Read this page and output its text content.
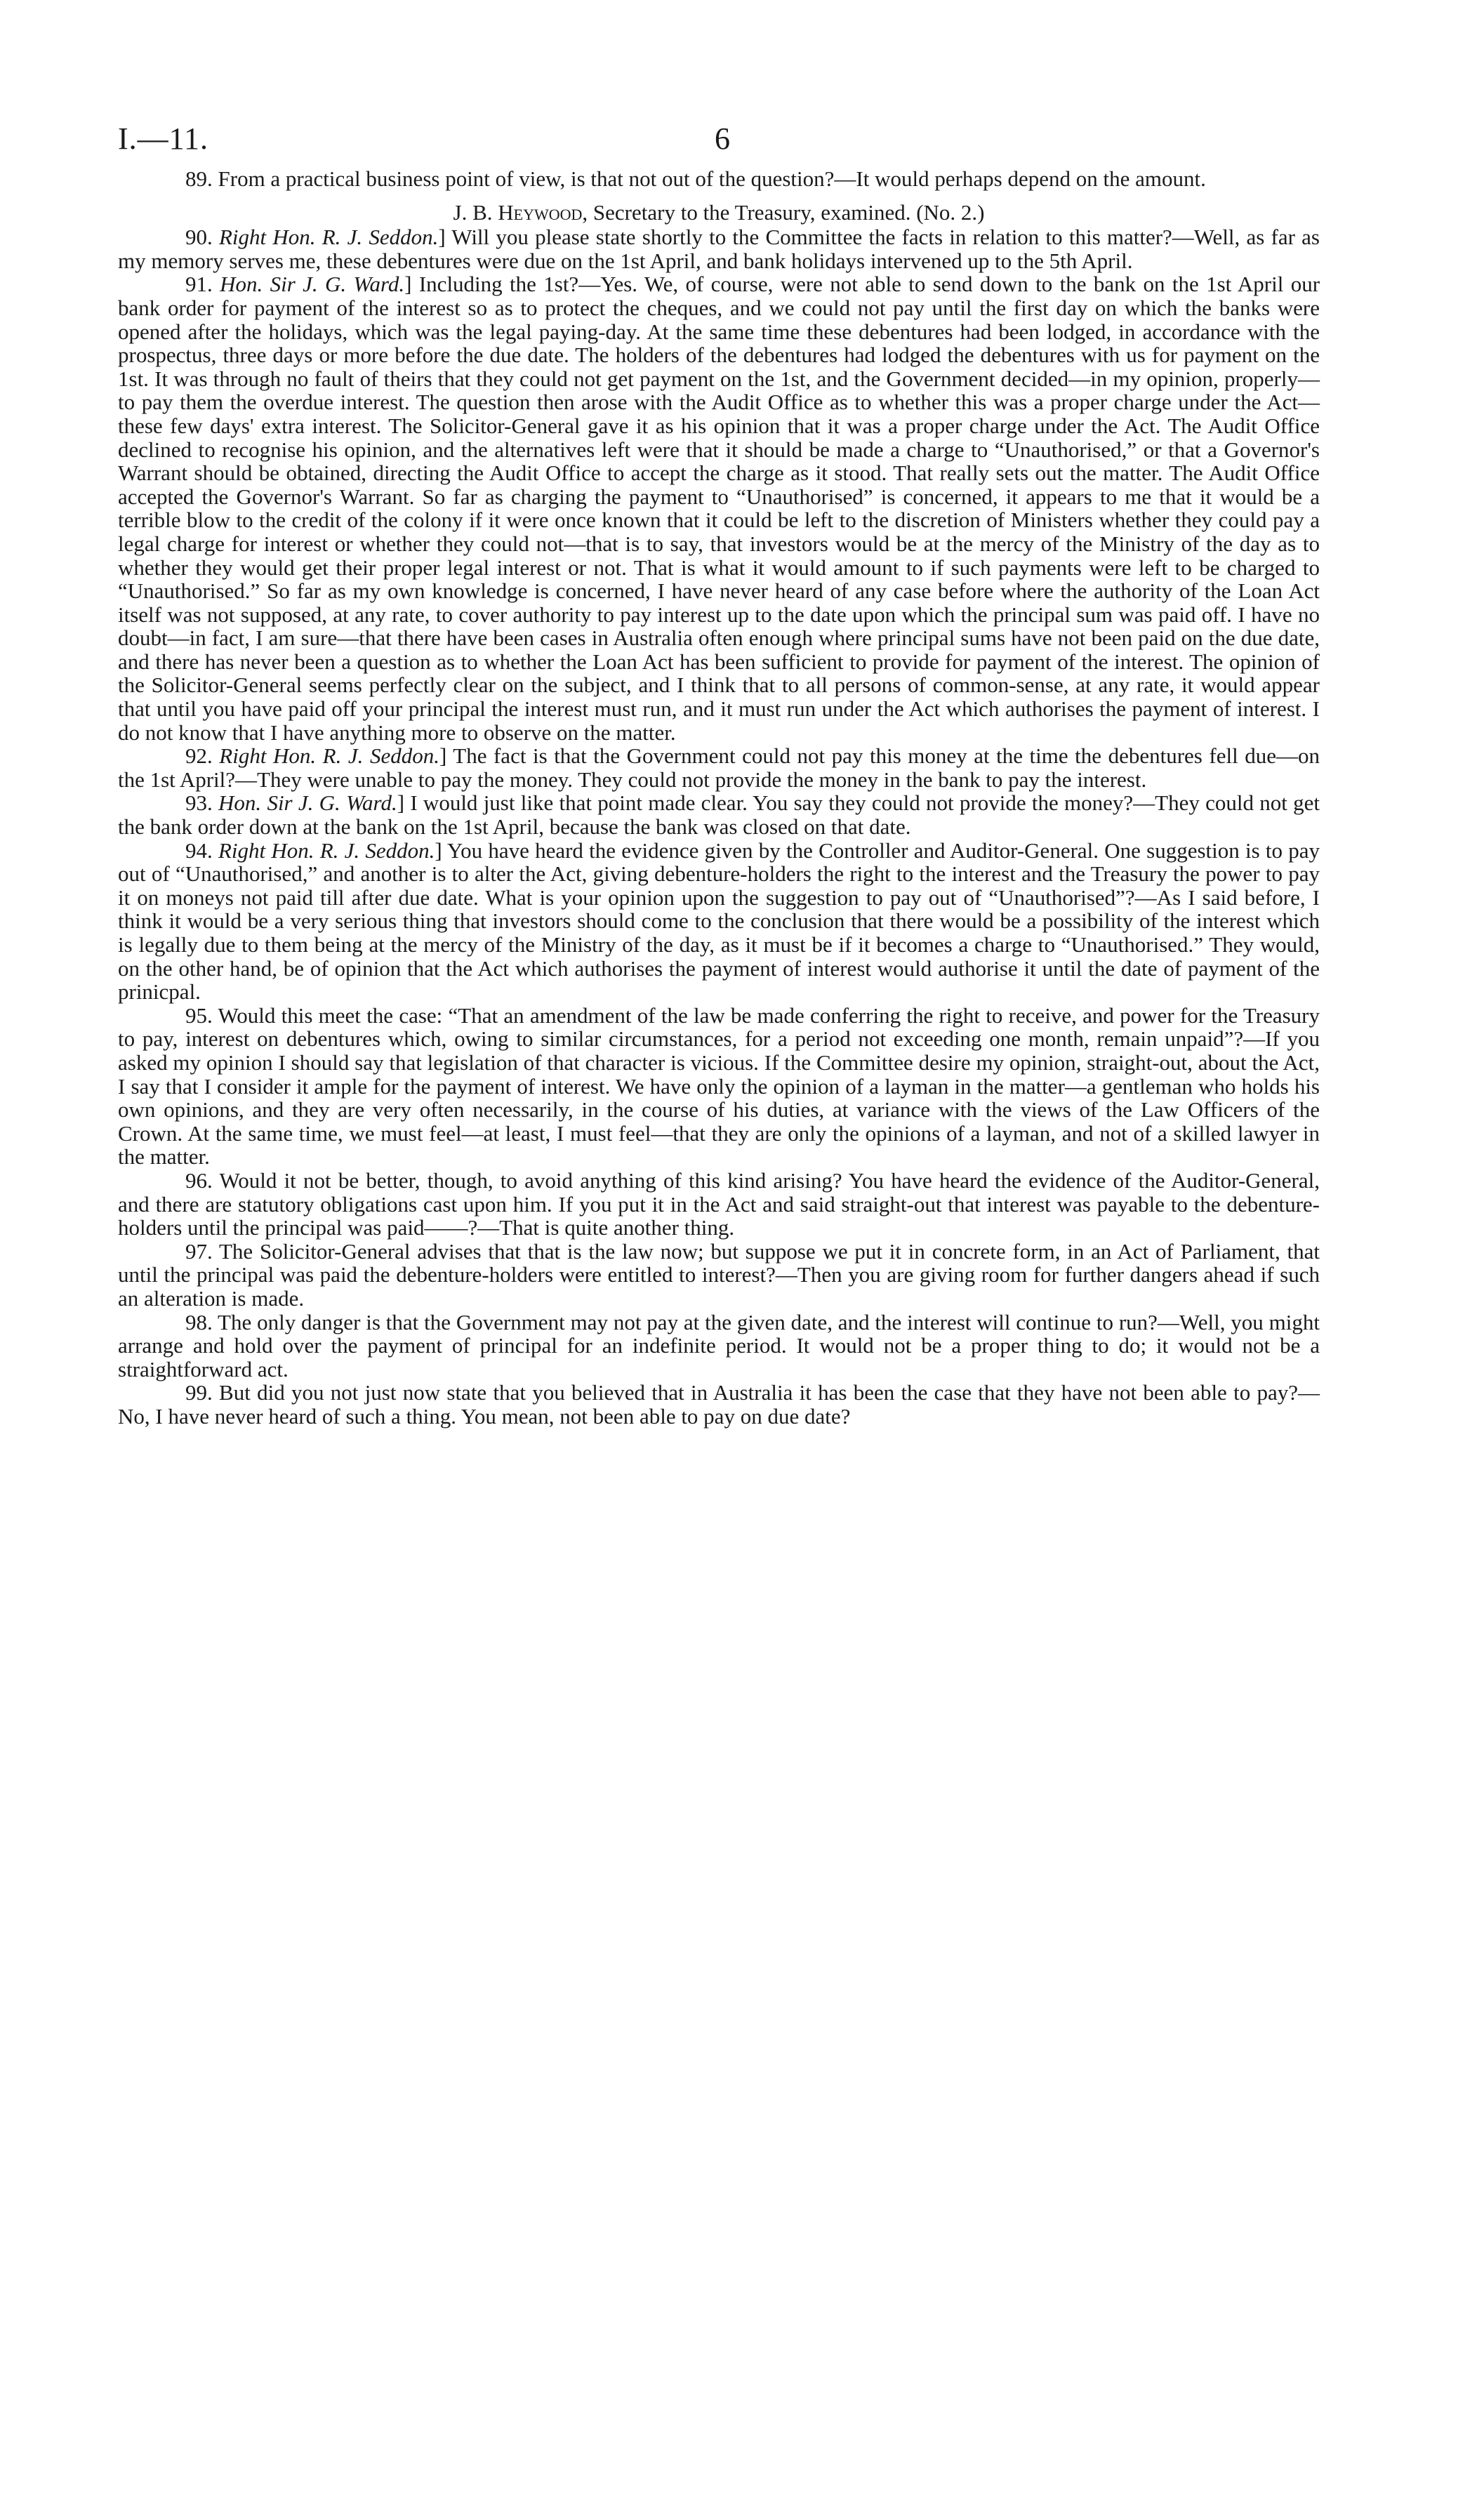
I.—11.	6

89. From a practical business point of view, is that not out of the question?—It would perhaps depend on the amount.

J. B. Heywood, Secretary to the Treasury, examined. (No. 2.)

90. Right Hon. R. J. Seddon.] Will you please state shortly to the Committee the facts in relation to this matter?—Well, as far as my memory serves me, these debentures were due on the 1st April, and bank holidays intervened up to the 5th April.

91. Hon. Sir J. G. Ward.] Including the 1st?—Yes. We, of course, were not able to send down to the bank on the 1st April our bank order for payment of the interest so as to protect the cheques, and we could not pay until the first day on which the banks were opened after the holidays, which was the legal paying-day. At the same time these debentures had been lodged, in accordance with the prospectus, three days or more before the due date. The holders of the debentures had lodged the debentures with us for payment on the 1st. It was through no fault of theirs that they could not get payment on the 1st, and the Government decided—in my opinion, properly—to pay them the overdue interest. The question then arose with the Audit Office as to whether this was a proper charge under the Act—these few days' extra interest. The Solicitor-General gave it as his opinion that it was a proper charge under the Act. The Audit Office declined to recognise his opinion, and the alternatives left were that it should be made a charge to “Unauthorised,” or that a Governor's Warrant should be obtained, directing the Audit Office to accept the charge as it stood. That really sets out the matter. The Audit Office accepted the Governor's Warrant. So far as charging the payment to “Unauthorised” is concerned, it appears to me that it would be a terrible blow to the credit of the colony if it were once known that it could be left to the discretion of Ministers whether they could pay a legal charge for interest or whether they could not—that is to say, that investors would be at the mercy of the Ministry of the day as to whether they would get their proper legal interest or not. That is what it would amount to if such payments were left to be charged to “Unauthorised.” So far as my own knowledge is concerned, I have never heard of any case before where the authority of the Loan Act itself was not supposed, at any rate, to cover authority to pay interest up to the date upon which the principal sum was paid off. I have no doubt—in fact, I am sure—that there have been cases in Australia often enough where principal sums have not been paid on the due date, and there has never been a question as to whether the Loan Act has been sufficient to provide for payment of the interest. The opinion of the Solicitor-General seems perfectly clear on the subject, and I think that to all persons of common-sense, at any rate, it would appear that until you have paid off your principal the interest must run, and it must run under the Act which authorises the payment of interest. I do not know that I have anything more to observe on the matter.

92. Right Hon. R. J. Seddon.] The fact is that the Government could not pay this money at the time the debentures fell due—on the 1st April?—They were unable to pay the money. They could not provide the money in the bank to pay the interest.

93. Hon. Sir J. G. Ward.] I would just like that point made clear. You say they could not provide the money?—They could not get the bank order down at the bank on the 1st April, because the bank was closed on that date.

94. Right Hon. R. J. Seddon.] You have heard the evidence given by the Controller and Auditor-General. One suggestion is to pay out of “Unauthorised,” and another is to alter the Act, giving debenture-holders the right to the interest and the Treasury the power to pay it on moneys not paid till after due date. What is your opinion upon the suggestion to pay out of “Unauthorised”?—As I said before, I think it would be a very serious thing that investors should come to the conclusion that there would be a possibility of the interest which is legally due to them being at the mercy of the Ministry of the day, as it must be if it becomes a charge to “Unauthorised.” They would, on the other hand, be of opinion that the Act which authorises the payment of interest would authorise it until the date of payment of the prinicpal.

95. Would this meet the case: “That an amendment of the law be made conferring the right to receive, and power for the Treasury to pay, interest on debentures which, owing to similar circumstances, for a period not exceeding one month, remain unpaid”?—If you asked my opinion I should say that legislation of that character is vicious. If the Committee desire my opinion, straight-out, about the Act, I say that I consider it ample for the payment of interest. We have only the opinion of a layman in the matter—a gentleman who holds his own opinions, and they are very often necessarily, in the course of his duties, at variance with the views of the Law Officers of the Crown. At the same time, we must feel—at least, I must feel—that they are only the opinions of a layman, and not of a skilled lawyer in the matter.

96. Would it not be better, though, to avoid anything of this kind arising? You have heard the evidence of the Auditor-General, and there are statutory obligations cast upon him. If you put it in the Act and said straight-out that interest was payable to the debenture-holders until the principal was paid——?—That is quite another thing.

97. The Solicitor-General advises that that is the law now; but suppose we put it in concrete form, in an Act of Parliament, that until the principal was paid the debenture-holders were entitled to interest?—Then you are giving room for further dangers ahead if such an alteration is made.

98. The only danger is that the Government may not pay at the given date, and the interest will continue to run?—Well, you might arrange and hold over the payment of principal for an indefinite period. It would not be a proper thing to do; it would not be a straightforward act.

99. But did you not just now state that you believed that in Australia it has been the case that they have not been able to pay?—No, I have never heard of such a thing. You mean, not been able to pay on due date?
